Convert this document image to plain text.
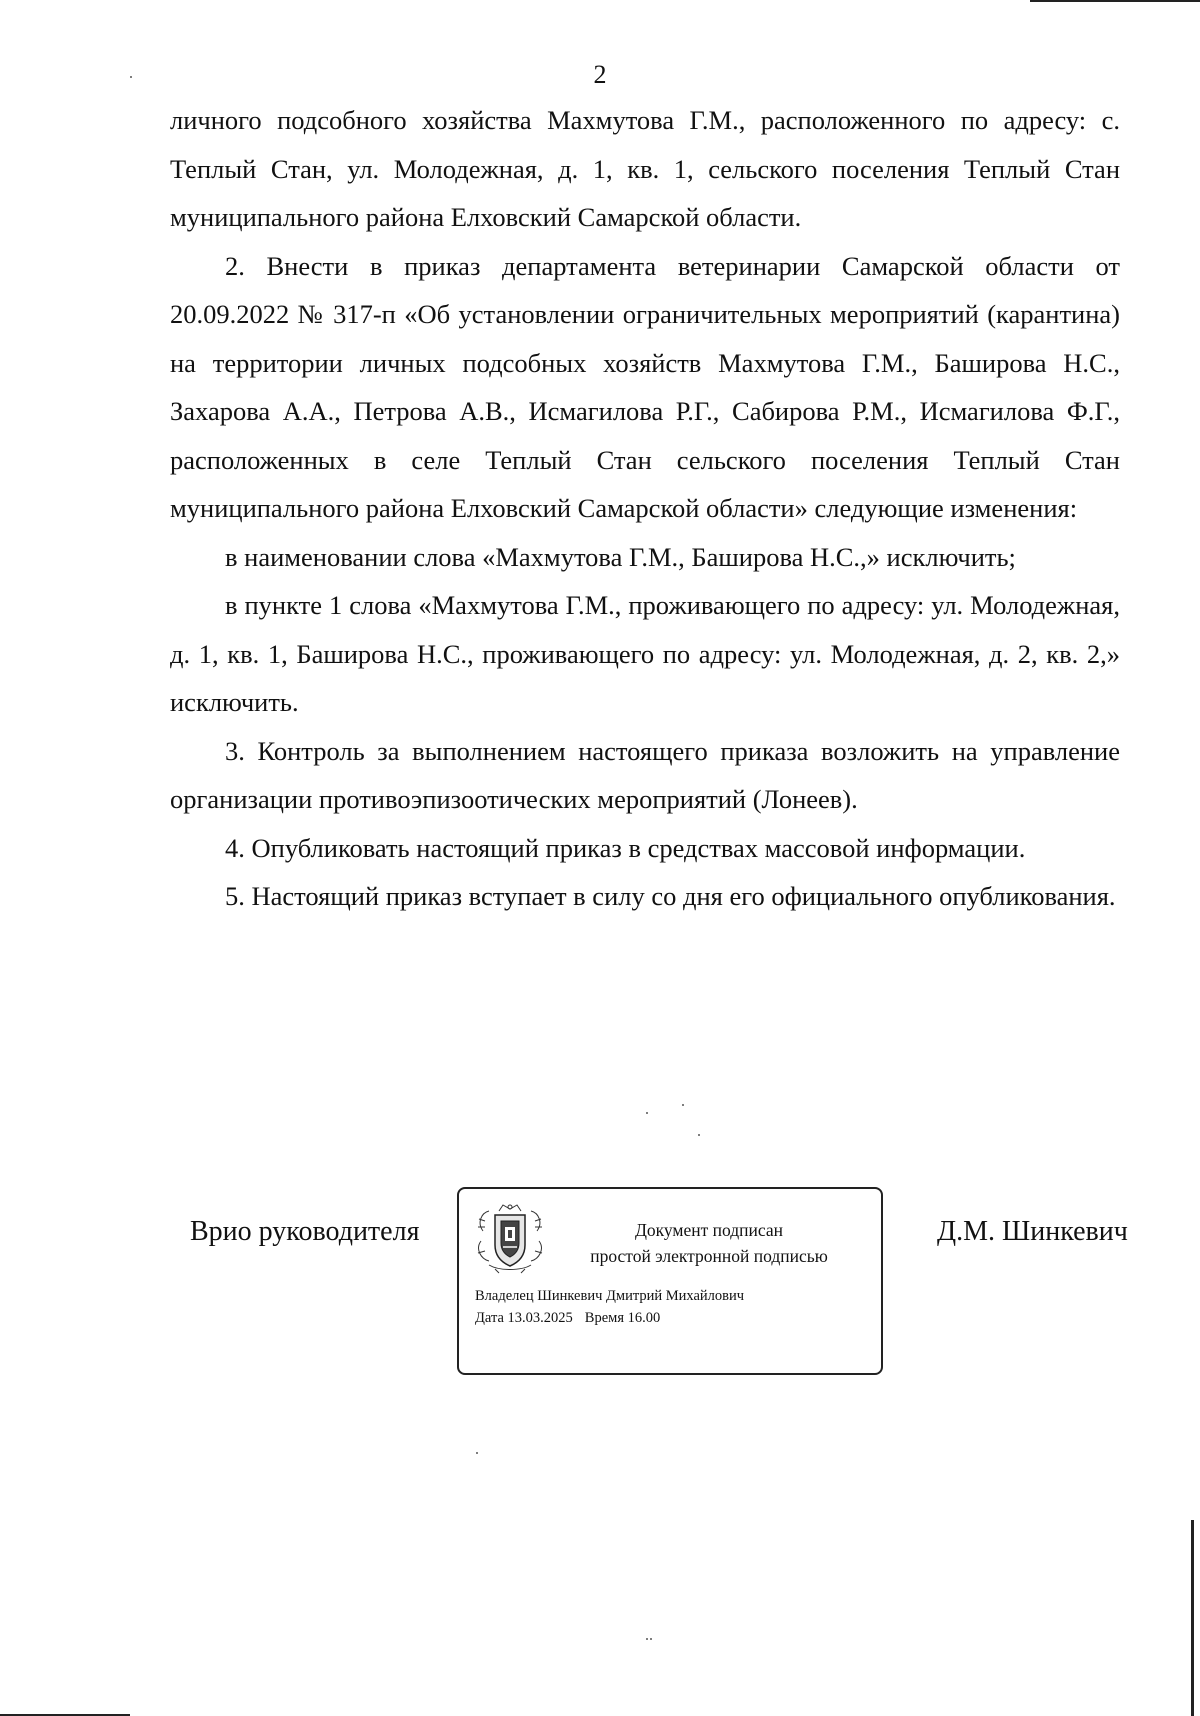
2

личного подсобного хозяйства Махмутова Г.М., расположенного по адресу: с. Теплый Стан, ул. Молодежная, д. 1, кв. 1, сельского поселения Теплый Стан муниципального района Елховский Самарской области.

2. Внести в приказ департамента ветеринарии Самарской области от 20.09.2022 № 317-п «Об установлении ограничительных мероприятий (карантина) на территории личных подсобных хозяйств Махмутова Г.М., Баширова Н.С., Захарова А.А., Петрова А.В., Исмагилова Р.Г., Сабирова Р.М., Исмагилова Ф.Г., расположенных в селе Теплый Стан сельского поселения Теплый Стан муниципального района Елховский Самарской области» следующие изменения:

в наименовании слова «Махмутова Г.М., Баширова Н.С.,» исключить;

в пункте 1 слова «Махмутова Г.М., проживающего по адресу: ул. Молодежная, д. 1, кв. 1, Баширова Н.С., проживающего по адресу: ул. Молодежная, д. 2, кв. 2,» исключить.

3. Контроль за выполнением настоящего приказа возложить на управление организации противоэпизоотических мероприятий (Лонеев).

4. Опубликовать настоящий приказ в средствах массовой информации.

5. Настоящий приказ вступает в силу со дня его официального опубликования.

Врио руководителя	Документ подписан
простой электронной подписью
Владелец Шинкевич Дмитрий Михайлович
Дата 13.03.2025 Время 16.00
Д.М. Шинкевич
